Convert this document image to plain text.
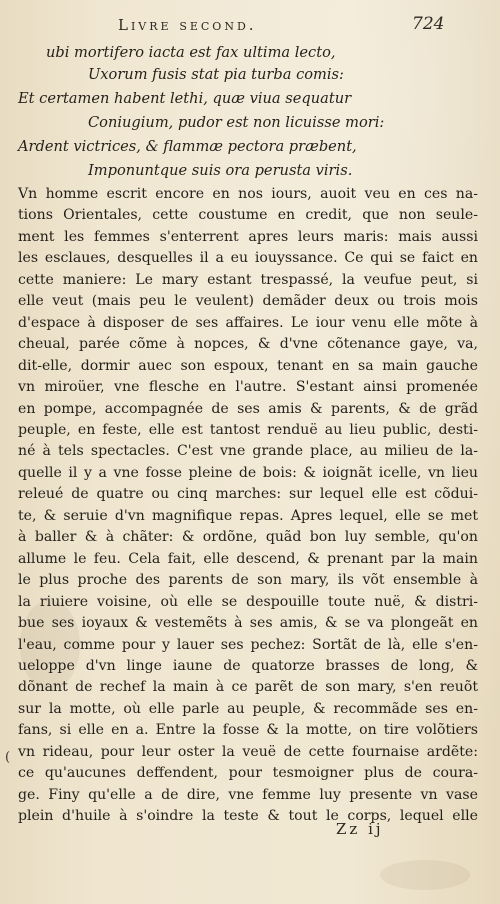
Livre second.	724
ubi mortifero iacta est fax ultima lecto,
Uxorum fusis stat pia turba comis:
Et certamen habent lethi, quæ viua sequatur
Coniugium, pudor est non licuisse mori:
Ardent victrices, & flammæ pectora præbent,
Imponuntque suis ora perusta viris.
Vn homme escrit encore en nos iours, auoit veu en ces na-
tions Orientales, cette coustume en credit, que non seule-
ment les femmes s'enterrent apres leurs maris: mais aussi
les esclaues, desquelles il a eu iouyssance. Ce qui se faict en
cette maniere: Le mary estant trespassé, la veufue peut, si
elle veut (mais peu le veulent) demãder deux ou trois mois
d'espace à disposer de ses affaires. Le iour venu elle mõte à
cheual, parée cõme à nopces, & d'vne cõtenance gaye, va,
dit-elle, dormir auec son espoux, tenant en sa main gauche
vn miroüer, vne flesche en l'autre. S'estant ainsi promenée
en pompe, accompagnée de ses amis & parents, & de grãd
peuple, en feste, elle est tantost renduë au lieu public, desti-
né à tels spectacles. C'est vne grande place, au milieu de la-
quelle il y a vne fosse pleine de bois: & ioignãt icelle, vn lieu
releué de quatre ou cinq marches: sur lequel elle est cõdui-
te, & seruie d'vn magnifique repas. Apres lequel, elle se met
à baller & à chãter: & ordõne, quãd bon luy semble, qu'on
allume le feu. Cela fait, elle descend, & prenant par la main
le plus proche des parents de son mary, ils võt ensemble à
la riuiere voisine, où elle se despouille toute nuë, & distri-
bue ses ioyaux & vestemẽts à ses amis, & se va plongeãt en
l'eau, comme pour y lauer ses pechez: Sortãt de là, elle s'en-
ueloppe d'vn linge iaune de quatorze brasses de long, &
dõnant de rechef la main à ce parẽt de son mary, s'en reuõt
sur la motte, où elle parle au peuple, & recommãde ses en-
fans, si elle en a. Entre la fosse & la motte, on tire volõtiers
vn rideau, pour leur oster la veuë de cette fournaise ardẽte:
ce qu'aucunes deffendent, pour tesmoigner plus de coura-
ge. Finy qu'elle a de dire, vne femme luy presente vn vase
plein d'huile à s'oindre la teste & tout le corps, lequel elle
(
Zz ij
